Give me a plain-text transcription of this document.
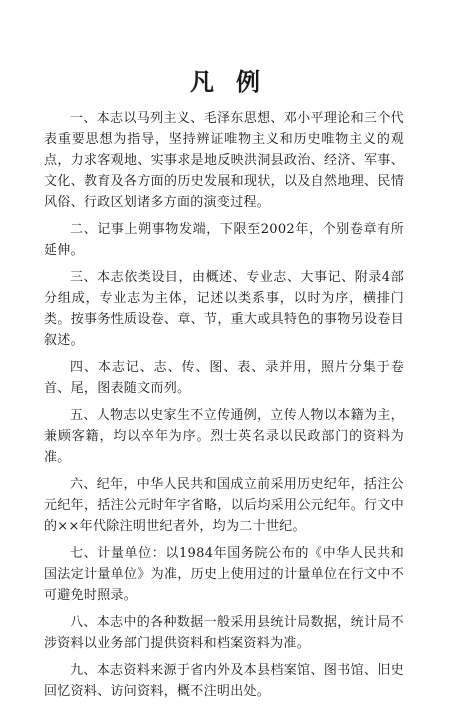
凡例

一、本志以马列主义、毛泽东思想、邓小平理论和三个代表重要思想为指导，坚持辨证唯物主义和历史唯物主义的观点，力求客观地、实事求是地反映洪洞县政治、经济、军事、文化、教育及各方面的历史发展和现状，以及自然地理、民情风俗、行政区划诸多方面的演变过程。

二、记事上朔事物发端，下限至2002年，个别卷章有所延伸。

三、本志依类设目，由概述、专业志、大事记、附录4部分组成，专业志为主体，记述以类系事，以时为序，横排门类。按事务性质设卷、章、节，重大或具特色的事物另设卷目叙述。

四、本志记、志、传、图、表、录并用，照片分集于卷首、尾，图表随文而列。

五、人物志以史家生不立传通例，立传人物以本籍为主，兼顾客籍，均以卒年为序。烈士英名录以民政部门的资料为准。

六、纪年，中华人民共和国成立前采用历史纪年，括注公元纪年，括注公元时年字省略，以后均采用公元纪年。行文中的××年代除注明世纪者外，均为二十世纪。

七、计量单位：以1984年国务院公布的《中华人民共和国法定计量单位》为准，历史上使用过的计量单位在行文中不可避免时照录。

八、本志中的各种数据一般采用县统计局数据，统计局不涉资料以业务部门提供资料和档案资料为准。

九、本志资料来源于省内外及本县档案馆、图书馆、旧史回忆资料、访问资料，概不注明出处。
